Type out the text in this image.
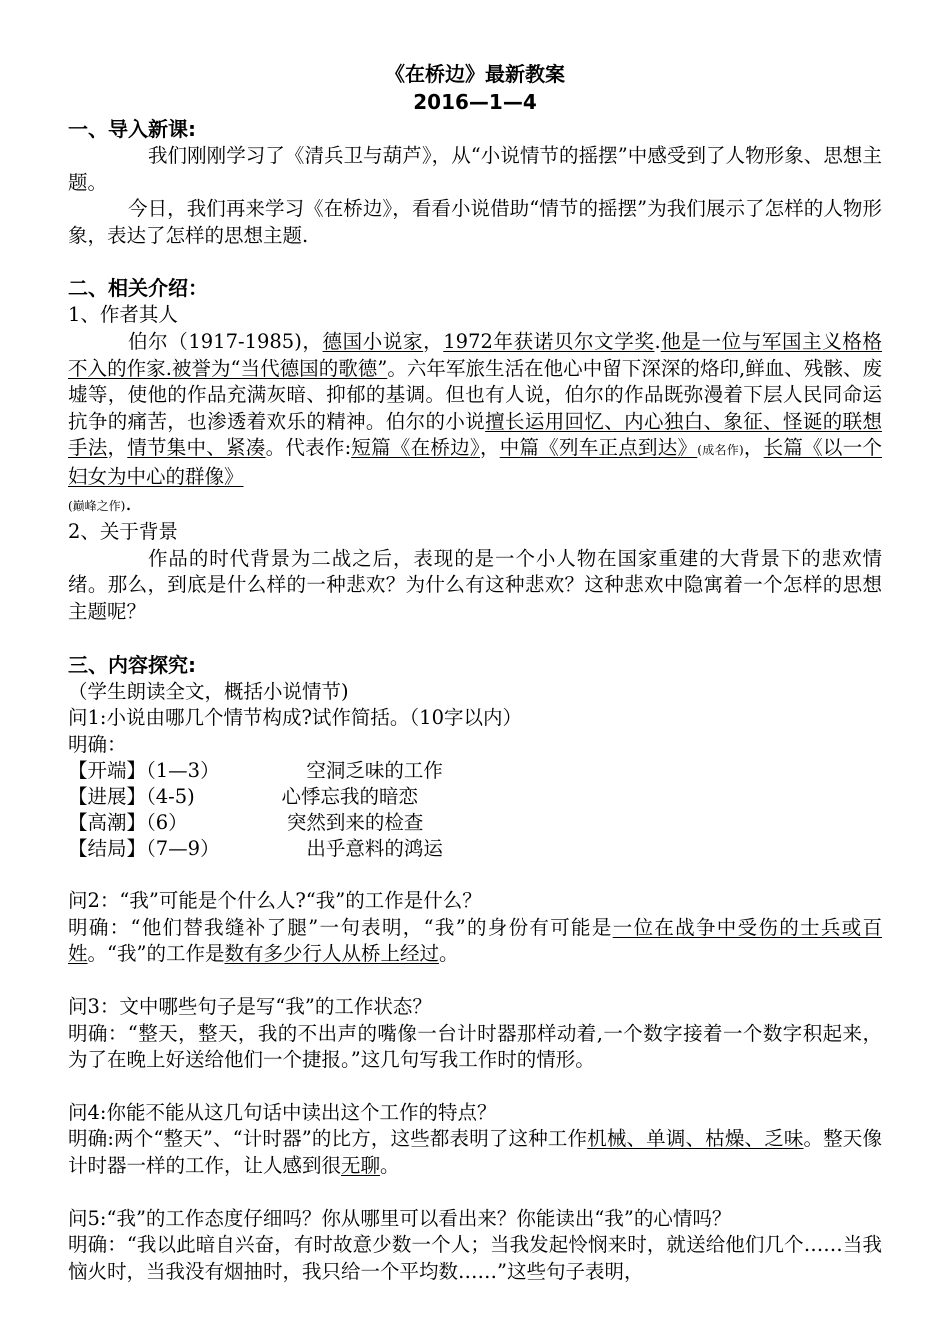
《在桥边》最新教案
2016—1—4
一、导入新课:

我们刚刚学习了《清兵卫与葫芦》，从“小说情节的摇摆”中感受到了人物形象、思想主题。

今日，我们再来学习《在桥边》，看看小说借助“情节的摇摆”为我们展示了怎样的人物形象，表达了怎样的思想主题.

二、相关介绍：

1、作者其人

伯尔（1917-1985)，德国小说家，1972年获诺贝尔文学奖.他是一位与军国主义格格不入的作家.被誉为“当代德国的歌德”。六年军旅生活在他心中留下深深的烙印,鲜血、残骸、废墟等，使他的作品充满灰暗、抑郁的基调。但也有人说，伯尔的作品既弥漫着下层人民同命运抗争的痛苦，也渗透着欢乐的精神。伯尔的小说擅长运用回忆、内心独白、象征、怪诞的联想手法，情节集中、紧凑。代表作:短篇《在桥边》，中篇《列车正点到达》(成名作)，长篇《以一个妇女为中心的群像》
(巅峰之作).

2、关于背景

作品的时代背景为二战之后，表现的是一个小人物在国家重建的大背景下的悲欢情绪。那么，到底是什么样的一种悲欢？为什么有这种悲欢？这种悲欢中隐寓着一个怎样的思想主题呢？

三、内容探究:

（学生朗读全文，概括小说情节)

问1:小说由哪几个情节构成?试作简括。（10字以内）

明确：

【开端】（1—3）	空洞乏味的工作
【进展】（4-5)	心悸忘我的暗恋
【高潮】（6）	突然到来的检查
【结局】（7—9）	出乎意料的鸿运

问2：“我”可能是个什么人?“我”的工作是什么？

明确：“他们替我缝补了腿”一句表明，“我”的身份有可能是一位在战争中受伤的士兵或百姓。“我”的工作是数有多少行人从桥上经过。

问3：文中哪些句子是写“我”的工作状态？

明确：“整天，整天，我的不出声的嘴像一台计时器那样动着,一个数字接着一个数字积起来，为了在晚上好送给他们一个捷报。”这几句写我工作时的情形。

问4:你能不能从这几句话中读出这个工作的特点？

明确:两个“整天”、“计时器”的比方，这些都表明了这种工作机械、单调、枯燥、乏味。整天像计时器一样的工作，让人感到很无聊。

问5:“我”的工作态度仔细吗？你从哪里可以看出来？你能读出“我”的心情吗？

明确：“我以此暗自兴奋，有时故意少数一个人；当我发起怜悯来时，就送给他们几个……当我恼火时，当我没有烟抽时，我只给一个平均数……”这些句子表明，
